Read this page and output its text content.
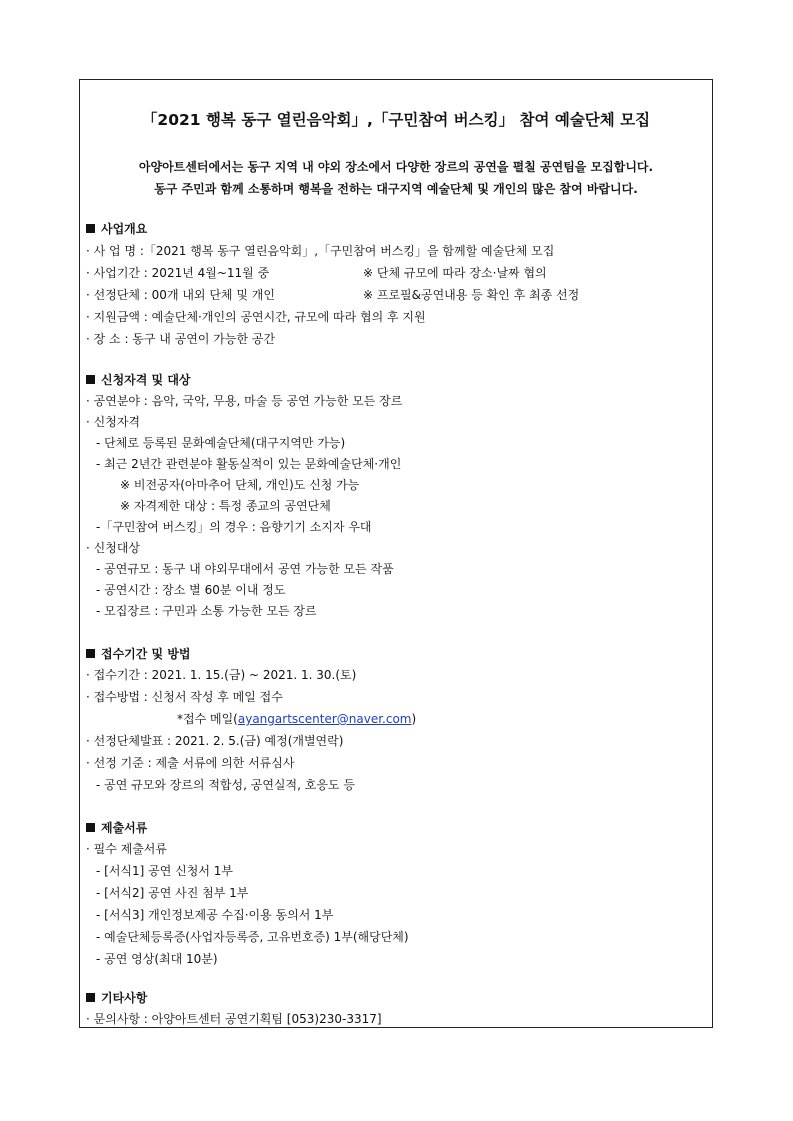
「2021 행복 동구 열린음악회」,「구민참여 버스킹」 참여 예술단체 모집
아양아트센터에서는 동구 지역 내 야외 장소에서 다양한 장르의 공연을 펼칠 공연팀을 모집합니다.
동구 주민과 함께 소통하며 행복을 전하는 대구지역 예술단체 및 개인의 많은 참여 바랍니다.
사업개요
· 사 업 명 :「2021 행복 동구 열린음악회」,「구민참여 버스킹」을 함께할 예술단체 모집
· 사업기간 : 2021년 4월~11월 중	※ 단체 규모에 따라 장소·날짜 협의
· 선정단체 : 00개 내외 단체 및 개인	※ 프로필&공연내용 등 확인 후 최종 선정
· 지원금액 : 예술단체·개인의 공연시간, 규모에 따라 협의 후 지원
· 장 소 : 동구 내 공연이 가능한 공간
신청자격 및 대상
· 공연분야 : 음악, 국악, 무용, 마술 등 공연 가능한 모든 장르
· 신청자격
- 단체로 등록된 문화예술단체(대구지역만 가능)
- 최근 2년간 관련분야 활동실적이 있는 문화예술단체·개인
※ 비전공자(아마추어 단체, 개인)도 신청 가능
※ 자격제한 대상 : 특정 종교의 공연단체
-「구민참여 버스킹」의 경우 : 음향기기 소지자 우대
· 신청대상
- 공연규모 : 동구 내 야외무대에서 공연 가능한 모든 작품
- 공연시간 : 장소 별 60분 이내 정도
- 모집장르 : 구민과 소통 가능한 모든 장르
접수기간 및 방법
· 접수기간 : 2021. 1. 15.(금) ~ 2021. 1. 30.(토)
· 접수방법 : 신청서 작성 후 메일 접수
*접수 메일(ayangartscenter@naver.com)
· 선정단체발표 : 2021. 2. 5.(금) 예정(개별연락)
· 선정 기준 : 제출 서류에 의한 서류심사
- 공연 규모와 장르의 적합성, 공연실적, 호응도 등
제출서류
· 필수 제출서류
- [서식1] 공연 신청서 1부
- [서식2] 공연 사진 첨부 1부
- [서식3] 개인정보제공 수집·이용 동의서 1부
- 예술단체등록증(사업자등록증, 고유번호증) 1부(해당단체)
- 공연 영상(최대 10분)
기타사항
· 문의사항 : 아양아트센터 공연기획팀 [053)230-3317]
